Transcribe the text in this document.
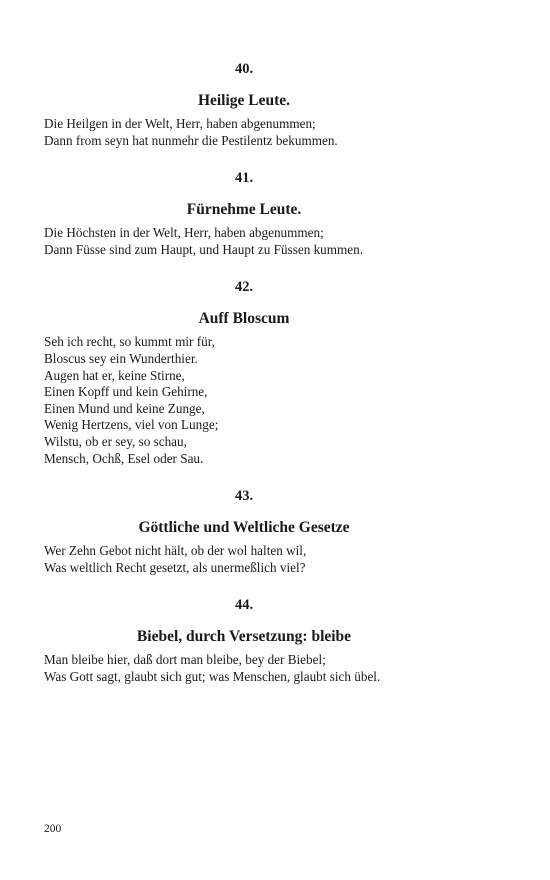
40.
Heilige Leute.
Die Heilgen in der Welt, Herr, haben abgenummen;
Dann from seyn hat nunmehr die Pestilentz bekummen.
41.
Fürnehme Leute.
Die Höchsten in der Welt, Herr, haben abgenummen;
Dann Füsse sind zum Haupt, und Haupt zu Füssen kummen.
42.
Auff Bloscum
Seh ich recht, so kummt mir für,
Bloscus sey ein Wunderthier.
Augen hat er, keine Stirne,
Einen Kopff und kein Gehirne,
Einen Mund und keine Zunge,
Wenig Hertzens, viel von Lunge;
Wilstu, ob er sey, so schau,
Mensch, Ochß, Esel oder Sau.
43.
Göttliche und Weltliche Gesetze
Wer Zehn Gebot nicht hält, ob der wol halten wil,
Was weltlich Recht gesetzt, als unermeßlich viel?
44.
Biebel, durch Versetzung: bleibe
Man bleibe hier, daß dort man bleibe, bey der Biebel;
Was Gott sagt, glaubt sich gut; was Menschen, glaubt sich übel.
200
